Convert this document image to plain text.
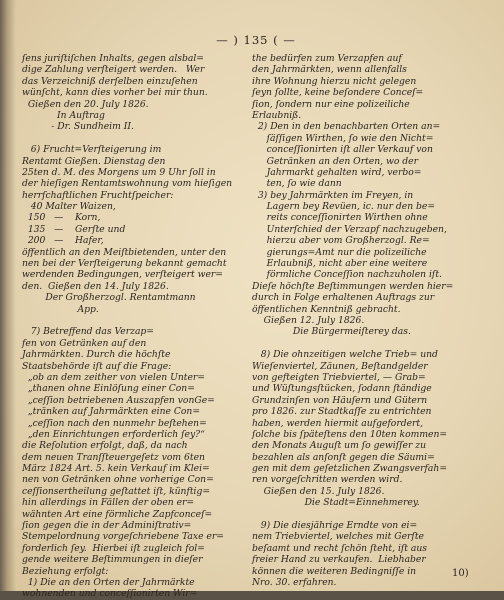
— ) 135 ( —
ſens juriſtiſchen Inhalts, gegen alsbal=
dige Zahlung verſteigert werden.   Wer
das Verzeichniß derſelben einzuſehen
wünſcht, kann dies vorher bei mir thun.
Gießen den 20. July 1826.
In Auftrag
- Dr. Sundheim II.
6) Frucht=Verſteigerung im
Rentamt Gießen. Dienstag den
25ten d. M. des Morgens um 9 Uhr ſoll in
der hieſigen Rentamtswohnung vom hieſigen
herrſchaftlichen Fruchtſpeicher:
40 Malter Waizen,
150   —    Korn,
135   —    Gerſte und
200   —    Hafer,
öffentlich an den Meiſtbietenden, unter den
nen bei der Verſteigerung bekannt gemacht
werdenden Bedingungen, verſteigert wer=
den.  Gießen den 14. July 1826.
Der Großherzogl. Rentamtmann
App.
7) Betreffend das Verzap=
fen von Getränken auf den
Jahrmärkten. Durch die höchſte
Staatsbehörde iſt auf die Frage:
„ob an dem zeither von vielen Unter=
„thanen ohne Einlöſung einer Con=
„ceſſion betriebenen Auszapfen vonGe=
„tränken auf Jahrmärkten eine Con=
„ceſſion nach den nunmehr beſtehen=
„den Einrichtungen erforderlich ſey?“
die Reſolution erfolgt, daß, da nach
dem neuen Tranſſteuergeſetz vom 6ten
März 1824 Art. 5. kein Verkauf im Klei=
nen von Getränken ohne vorherige Con=
ceſſionsertheilung geſtattet iſt, künftig=
hin allerdings in Fällen der oben er=
wähnten Art eine förmliche Zapfconceſ=
ſion gegen die in der Adminiſtrativ=
Stempelordnung vorgeſchriebene Taxe er=
forderlich ſey.  Hierbei iſt zugleich fol=
gende weitere Beſtimmungen in dieſer
Beziehung erfolgt:
1) Die an den Orten der Jahrmärkte
wohnenden und conceſſionirten Wir=
the bedürfen zum Verzapfen auf
den Jahrmärkten, wenn allenfalls
ihre Wohnung hierzu nicht gelegen
ſeyn ſollte, keine beſondere Conceſ=
ſion, ſondern nur eine polizeiliche
Erlaubniß.
2) Den in den benachbarten Orten an=
ſäſſigen Wirthen, ſo wie den Nicht=
conceſſionirten iſt aller Verkauf von
Getränken an den Orten, wo der
Jahrmarkt gehalten wird, verbo=
ten, ſo wie dann
3) bey Jahrmärkten im Freyen, in
Lagern bey Revüen, ic. nur den be=
reits conceſſionirten Wirthen ohne
Unterſchied der Verzapf nachzugeben,
hierzu aber vom Großherzogl. Re=
gierungs=Amt nur die polizeiliche
Erlaubniß, nicht aber eine weitere
förmliche Conceſſion nachzuholen iſt.
Dieſe höchſte Beſtimmungen werden hier=
durch in Folge erhaltenen Auftrags zur
öffentlichen Kenntniß gebracht.
Gießen 12. July 1826.
Die Bürgermeiſterey das.
8) Die ohnzeitigen welche Trieb= und
Wieſenviertel, Zäunen, Beſtandgelder
von gefteigten Triebviertel, — Grab=
und Wüſtungsſtücken, ſodann ſtändige
Grundzinſen von Häuſern und Gütern
pro 1826. zur Stadtkaſſe zu entrichten
haben, werden hiermit aufgefordert,
ſolche bis ſpäteſtens den 10ten kommen=
den Monats Auguſt um ſo gewiſſer zu
bezahlen als anſonſt gegen die Säumi=
gen mit dem geſetzlichen Zwangsverfah=
ren vorgeſchritten werden wird.
Gießen den 15. July 1826.
Die Stadt=Einnehmerey.
9) Die diesjährige Erndte von ei=
nem Triebviertel, welches mit Gerſte
beſaamt und recht ſchön ſteht, iſt aus
freier Hand zu verkaufen.  Liebhaber
können die weiteren Bedingniſſe in
Nro. 30. erfahren.
10)
